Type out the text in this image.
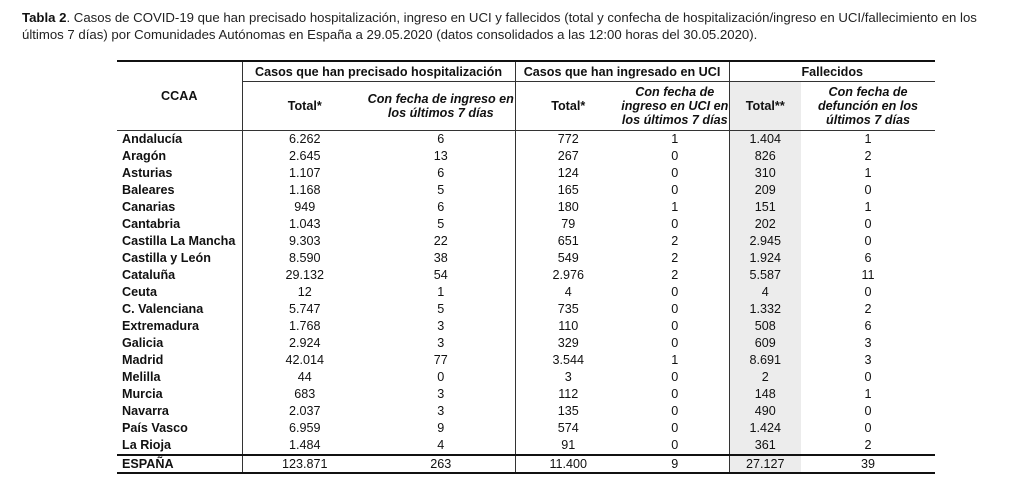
Tabla 2. Casos de COVID-19 que han precisado hospitalización, ingreso en UCI y fallecidos (total y confecha de hospitalización/ingreso en UCI/fallecimiento en los últimos 7 días) por Comunidades Autónomas en España a 29.05.2020 (datos consolidados a las 12:00 horas del 30.05.2020).
CCAA	Casos que han precisado hospitalización		Casos que han ingresado en UCI		Fallecidos	
	Total*	Con fecha de ingreso en los últimos 7 días	Total*	Con fecha de ingreso en UCI en los últimos 7 días	Total**	Con fecha de defunción en los últimos 7 días
Andalucía	6.262	6	772	1	1.404	1
Aragón	2.645	13	267	0	826	2
Asturias	1.107	6	124	0	310	1
Baleares	1.168	5	165	0	209	0
Canarias	949	6	180	1	151	1
Cantabria	1.043	5	79	0	202	0
Castilla La Mancha	9.303	22	651	2	2.945	0
Castilla y León	8.590	38	549	2	1.924	6
Cataluña	29.132	54	2.976	2	5.587	11
Ceuta	12	1	4	0	4	0
C. Valenciana	5.747	5	735	0	1.332	2
Extremadura	1.768	3	110	0	508	6
Galicia	2.924	3	329	0	609	3
Madrid	42.014	77	3.544	1	8.691	3
Melilla	44	0	3	0	2	0
Murcia	683	3	112	0	148	1
Navarra	2.037	3	135	0	490	0
País Vasco	6.959	9	574	0	1.424	0
La Rioja	1.484	4	91	0	361	2
ESPAÑA	123.871	263	11.400	9	27.127	39
